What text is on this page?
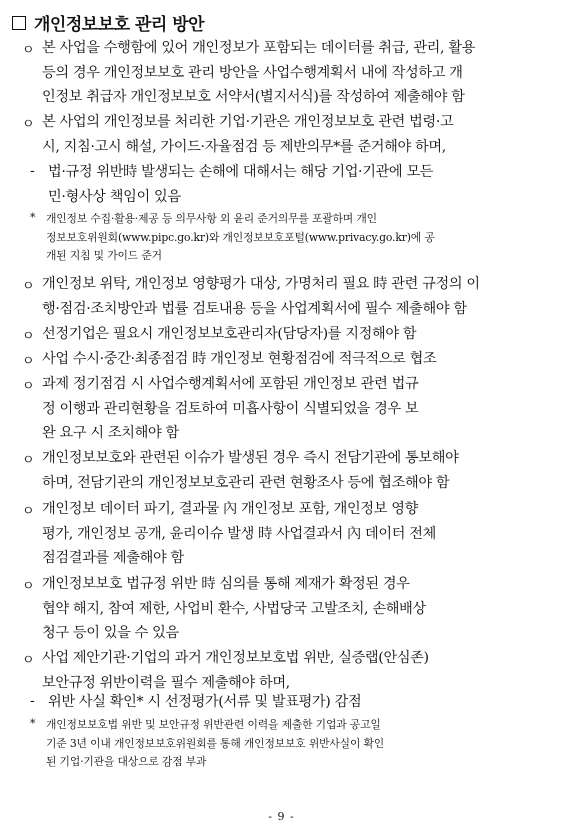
개인정보보호 관리 방안
ㅇ 본 사업을 수행함에 있어 개인정보가 포함되는 데이터를 취급, 관리, 활용
등의 경우 개인정보보호 관리 방안을 사업수행계획서 내에 작성하고 개
인정보 취급자 개인정보보호 서약서(별지서식)를 작성하여 제출해야 함
ㅇ 본 사업의 개인정보를 처리한 기업·기관은 개인정보보호 관련 법령·고
시, 지침·고시 해설, 가이드·자율점검 등 제반의무*를 준거해야 하며,
- 법·규정 위반時 발생되는 손해에 대해서는 해당 기업·기관에 모든
민·형사상 책임이 있음
* 개인정보 수집·활용·제공 등 의무사항 외 윤리 준거의무를 포괄하며 개인
정보보호위원회(www.pipc.go.kr)와 개인정보보호포털(www.privacy.go.kr)에 공
개된 지침 및 가이드 준거
ㅇ 개인정보 위탁, 개인정보 영향평가 대상, 가명처리 필요 時 관련 규정의 이
행·점검·조치방안과 법률 검토내용 등을 사업계획서에 필수 제출해야 함
ㅇ 선정기업은 필요시 개인정보보호관리자(담당자)를 지정해야 함
ㅇ 사업 수시·중간·최종점검 時 개인정보 현황점검에 적극적으로 협조
ㅇ 과제 정기점검 시 사업수행계획서에 포함된 개인정보 관련 법규
정 이행과 관리현황을 검토하여 미흡사항이 식별되었을 경우 보
완 요구 시 조치해야 함
ㅇ 개인정보보호와 관련된 이슈가 발생된 경우 즉시 전담기관에 통보해야
하며, 전담기관의 개인정보보호관리 관련 현황조사 등에 협조해야 함
ㅇ 개인정보 데이터 파기, 결과물 內 개인정보 포함, 개인정보 영향
평가, 개인정보 공개, 윤리이슈 발생 時 사업결과서 內 데이터 전체
점검결과를 제출해야 함
ㅇ 개인정보보호 법규정 위반 時 심의를 통해 제재가 확정된 경우
협약 해지, 참여 제한, 사업비 환수, 사법당국 고발조치, 손해배상
청구 등이 있을 수 있음
ㅇ 사업 제안기관·기업의 과거 개인정보보호법 위반, 실증랩(안심존)
보안규정 위반이력을 필수 제출해야 하며,
- 위반 사실 확인* 시 선정평가(서류 및 발표평가) 감점
* 개인정보보호법 위반 및 보안규정 위반관련 이력을 제출한 기업과 공고일
기준 3년 이내 개인정보보호위원회를 통해 개인정보보호 위반사실이 확인
된 기업·기관을 대상으로 감점 부과
- 9 -
